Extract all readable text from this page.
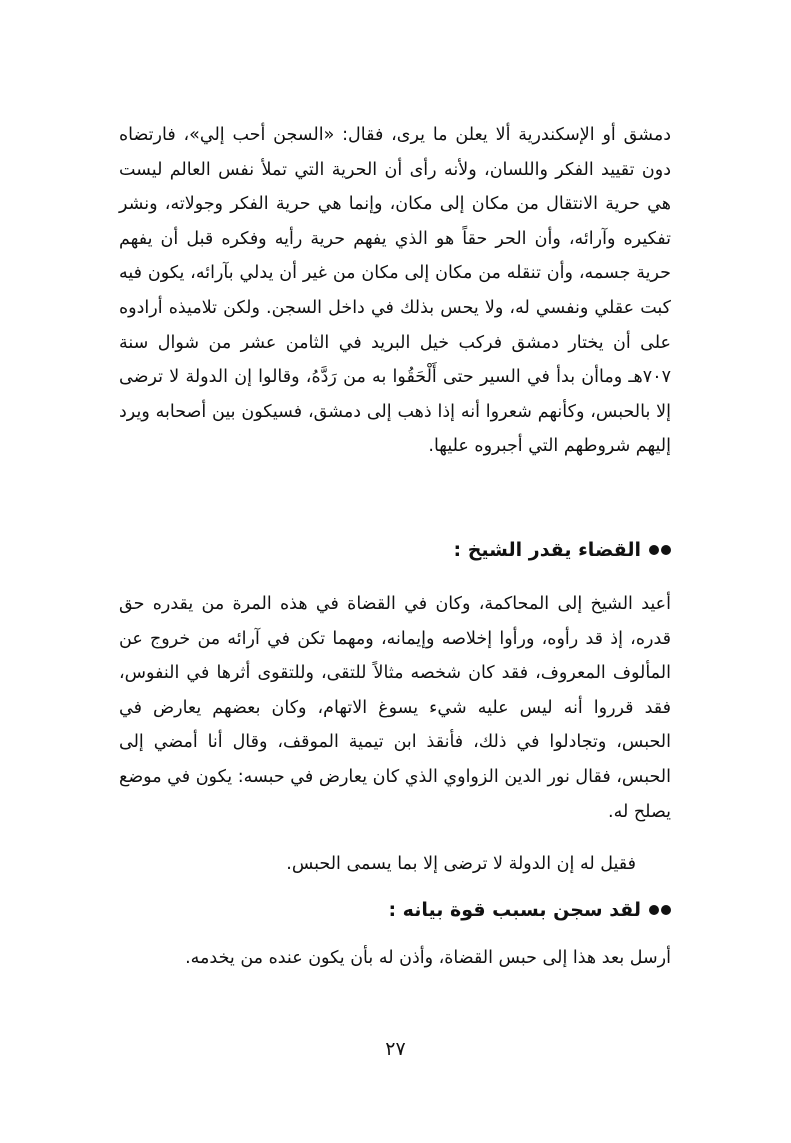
دمشق أو الإسكندرية ألا يعلن ما يرى، فقال: «السجن أحب إلي»، فارتضاه دون تقييد الفكر واللسان، ولأنه رأى أن الحرية التي تملأ نفس العالم ليست هي حرية الانتقال من مكان إلى مكان، وإنما هي حرية الفكر وجولاته، ونشر تفكيره وآرائه، وأن الحر حقاً هو الذي يفهم حرية رأيه وفكره قبل أن يفهم حرية جسمه، وأن تنقله من مكان إلى مكان من غير أن يدلي بآرائه، يكون فيه كبت عقلي ونفسي له، ولا يحس بذلك في داخل السجن. ولكن تلاميذه أرادوه على أن يختار دمشق فركب خيل البريد في الثامن عشر من شوال سنة ٧٠٧هـ وماأن بدأ في السير حتى أَلْحَقُوا به من رَدَّهُ، وقالوا إن الدولة لا ترضى إلا بالحبس، وكأنهم شعروا أنه إذا ذهب إلى دمشق، فسيكون بين أصحابه ويرد إليهم شروطهم التي أجبروه عليها.

القضاء يقدر الشيخ :

أعيد الشيخ إلى المحاكمة، وكان في القضاة في هذه المرة من يقدره حق قدره، إذ قد رأوه، ورأوا إخلاصه وإيمانه، ومهما تكن في آرائه من خروج عن المألوف المعروف، فقد كان شخصه مثالاً للتقى، وللتقوى أثرها في النفوس، فقد قرروا أنه ليس عليه شيء يسوغ الاتهام، وكان بعضهم يعارض في الحبس، وتجادلوا في ذلك، فأنقذ ابن تيمية الموقف، وقال أنا أمضي إلى الحبس، فقال نور الدين الزواوي الذي كان يعارض في حبسه: يكون في موضع يصلح له.

فقيل له إن الدولة لا ترضى إلا بما يسمى الحبس.

لقد سجن بسبب قوة بيانه :

أرسل بعد هذا إلى حبس القضاة، وأذن له بأن يكون عنده من يخدمه.

٢٧
